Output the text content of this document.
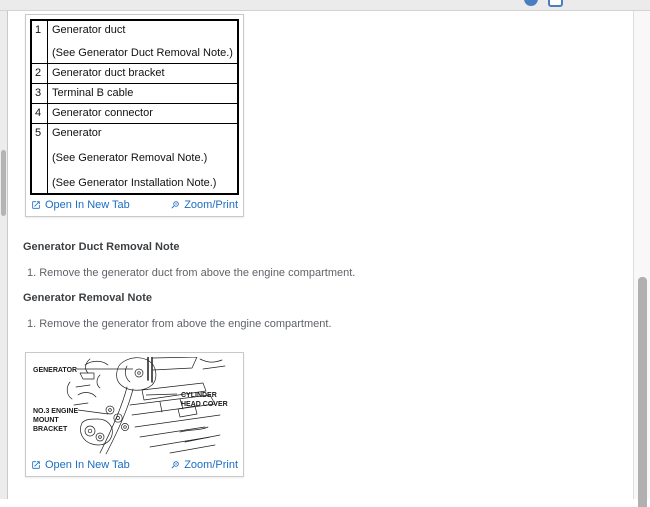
1	Generator duct
(See Generator Duct Removal Note.)

2	Generator duct bracket

3	Terminal B cable

4	Generator connector

5	Generator
(See Generator Removal Note.)
(See Generator Installation Note.)
Open In New Tab	Zoom/Print
Generator Duct Removal Note
1. Remove the generator duct from above the engine compartment.
Generator Removal Note
1. Remove the generator from above the engine compartment.
GENERATOR
CYLINDER
HEAD COVER
NO.3 ENGINE
MOUNT
BRACKET
Open In New Tab	Zoom/Print
